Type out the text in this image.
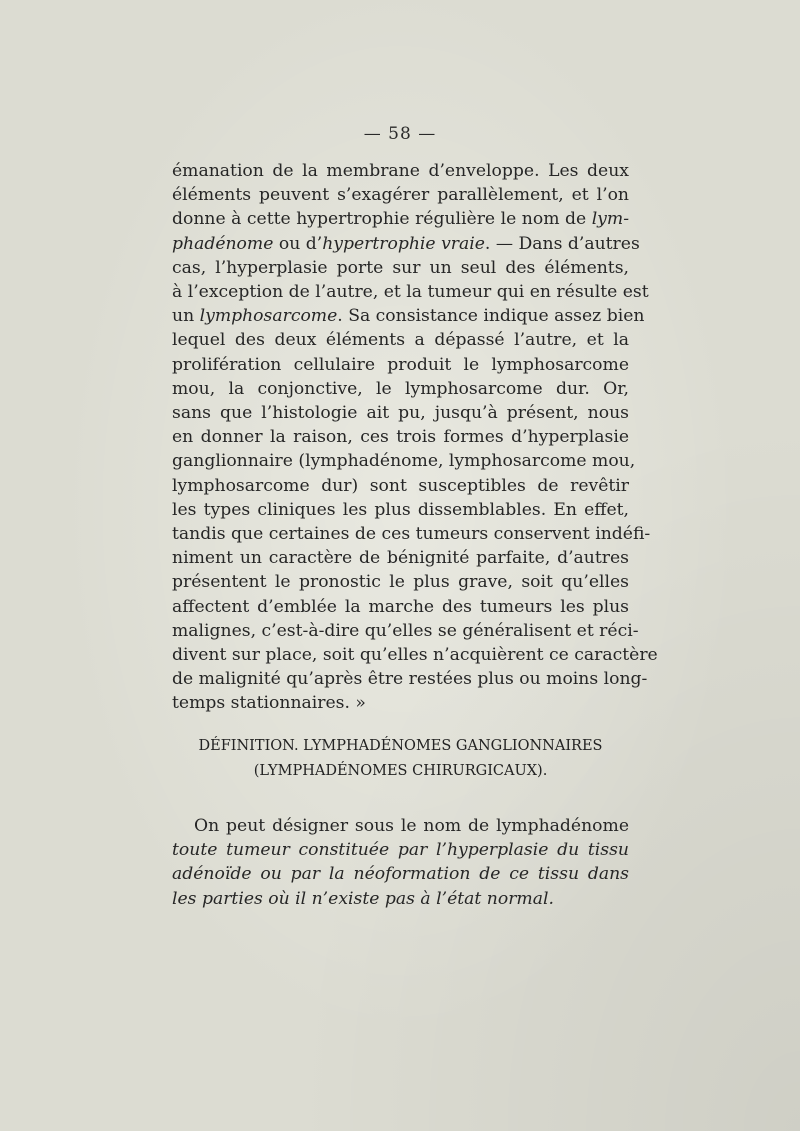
— 58 —
émanation de la membrane d’enveloppe. Les deux
éléments peuvent s’exagérer parallèlement, et l’on
donne à cette hypertrophie régulière le nom de lym-
phadénome ou d’hypertrophie vraie. — Dans d’autres
cas, l’hyperplasie porte sur un seul des éléments,
à l’exception de l’autre, et la tumeur qui en résulte est
un lymphosarcome. Sa consistance indique assez bien
lequel des deux éléments a dépassé l’autre, et la
prolifération cellulaire produit le lymphosarcome
mou, la conjonctive, le lymphosarcome dur. Or,
sans que l’histologie ait pu, jusqu’à présent, nous
en donner la raison, ces trois formes d’hyperplasie
ganglionnaire (lymphadénome, lymphosarcome mou,
lymphosarcome dur) sont susceptibles de revêtir
les types cliniques les plus dissemblables. En effet,
tandis que certaines de ces tumeurs conservent indéfi-
niment un caractère de bénignité parfaite, d’autres
présentent le pronostic le plus grave, soit qu’elles
affectent d’emblée la marche des tumeurs les plus
malignes, c’est-à-dire qu’elles se généralisent et réci-
divent sur place, soit qu’elles n’acquièrent ce caractère
de malignité qu’après être restées plus ou moins long-
temps stationnaires. »
DÉFINITION. LYMPHADÉNOMES GANGLIONNAIRES
(LYMPHADÉNOMES CHIRURGICAUX).
On peut désigner sous le nom de lymphadénome
toute tumeur constituée par l’hyperplasie du tissu
adénoïde ou par la néoformation de ce tissu dans
les parties où il n’existe pas à l’état normal.
